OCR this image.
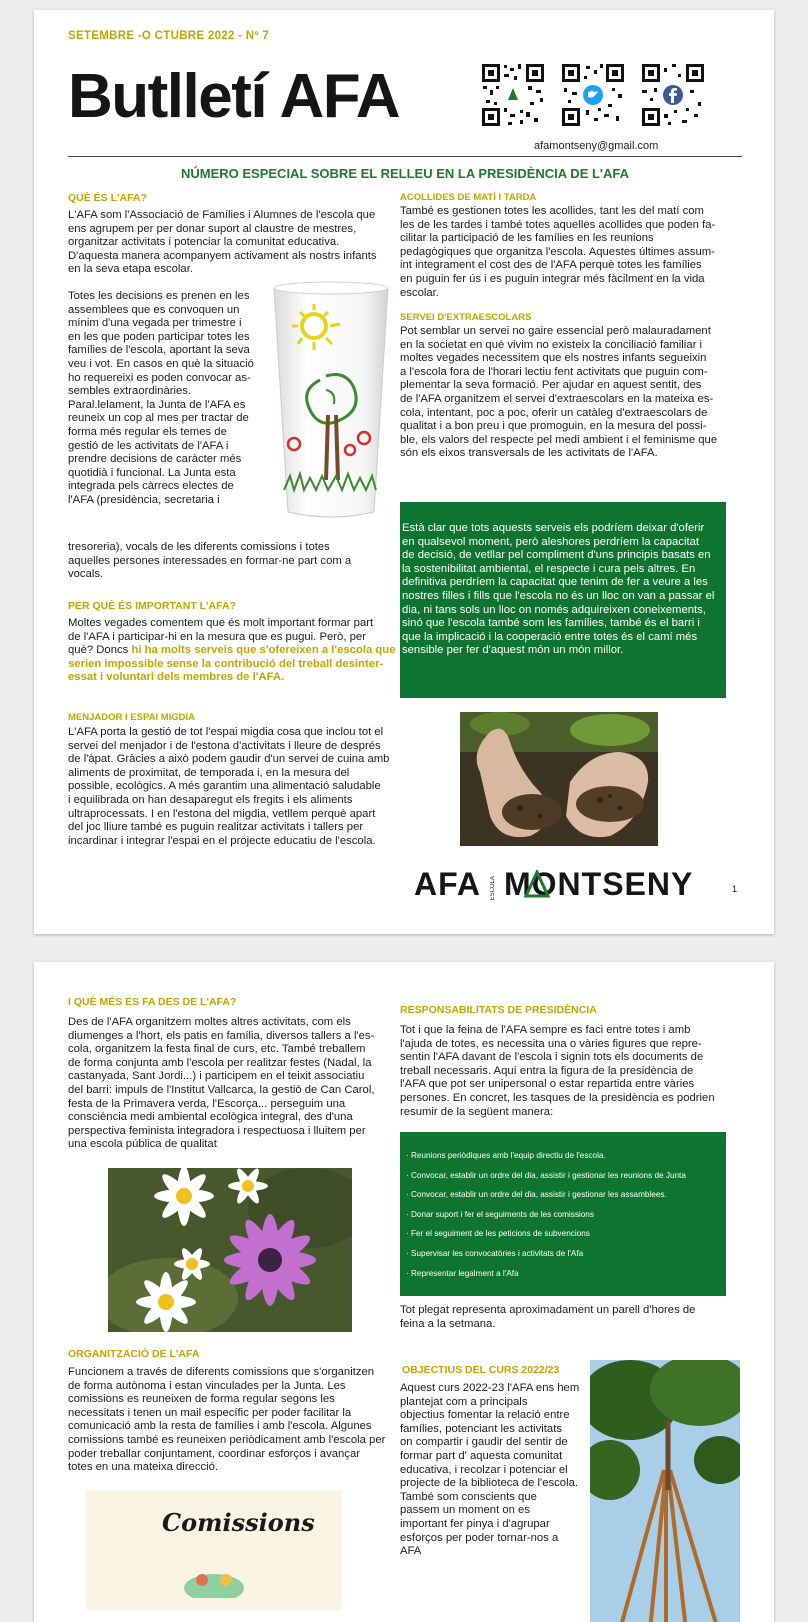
SETEMBRE -O CTUBRE 2022 - Nº 7
Butlletí AFA
afamontseny@gmail.com
NÚMERO ESPECIAL SOBRE EL RELLEU EN LA PRESIDÈNCIA DE L'AFA
QUÈ ÉS L'AFA?

L'AFA som l'Associació de Famílies i Alumnes de l'escola que

ens agrupem per per donar suport al claustre de mestres,

organitzar activitats i potenciar la comunitat educativa.

D'aquesta manera acompanyem activament als nostrs infants

en la seva etapa escolar.

Totes les decisions es prenen en les

assemblees que es convoquen un

mínim d'una vegada per trimestre i

en les que poden participar totes les

famílies de l'escola, aportant la seva

veu i vot. En casos en què la situació

ho requereixi es poden convocar as-

sembles extraordinàries.

Paral.lelament, la Junta de l'AFA es

reuneix un cop al mes per tractar de

forma més regular els temes de

gestió de les activitats de l'AFA i

prendre decisions de caràcter més

quotidià i funcional. La Junta esta

integrada pels càrrecs electes de

l'AFA (presidència, secretaria i

tresoreria), vocals de les diferents comissions i totes

aquelles persones interessades en formar-ne part com a

vocals.

PER QUÈ ÉS IMPORTANT L'AFA?

Moltes vegades comentem que és molt important formar part

de l'AFA i participar-hi en la mesura que es pugui. Però, per

què? Doncs hi ha molts serveis que s'ofereixen a l'escola que

serien impossible sense la contribució del treball desinter-

essat i voluntari dels membres de l'AFA.

MENJADOR I ESPAI MIGDIA

L'AFA porta la gestió de tot l'espai migdia cosa que inclou tot el

servei del menjador i de l'estona d'activitats i lleure de després

de l'àpat. Gràcies a això podem gaudir d'un servei de cuina amb

aliments de proximitat, de temporada i, en la mesura del

possible, ecològics. A més garantim una alimentació saludable

i equilibrada on han desaparegut els fregits i els aliments

ultraprocessats. I en l'estona del migdia, vetllem perquè apart

del joc lliure també es puguin realitzar activitats i tallers per

incardinar i integrar l'espai en el projecte educatiu de l'escola.

ACOLLIDES DE MATÍ I TARDA

També es gestionen totes les acollides, tant les del matí com

les de les tardes i també totes aquelles acollides que poden fa-

cilitar la participació de les famílies en les reunions

pedagògiques que organitza l'escola. Aquestes últimes assum-

int integrament el cost des de l'AFA perquè totes les famílies

en puguin fer ús i es puguin integrar més fàcilment en la vida

escolar.

SERVEI D'EXTRAESCOLARS

Pot semblar un servei no gaire essencial però malauradament

en la societat en què vivim no existeix la conciliació familiar i

moltes vegades necessitem que els nostres infants segueixin

a l'escola fora de l'horari lectiu fent activitats que puguin com-

plementar la seva formació. Per ajudar en aquest sentit, des

de l'AFA organitzem el servei d'extraescolars en la mateixa es-

cola, intentant, poc a poc, oferir un catàleg d'extraescolars de

qualitat i a bon preu i que promoguin, en la mesura del possi-

ble, els valors del respecte pel medi ambient i el feminisme que

són els eixos transversals de les activitats de l'AFA.

Està clar que tots aquests serveis els podríem deixar d'oferir

en qualsevol moment, però aleshores perdríem la capacitat

de decisió, de vetllar pel compliment d'uns principis basats en

la sostenibilitat ambiental, el respecte i cura pels altres. En

definitiva perdríem la capacitat que tenim de fer a veure a les

nostres filles i fills que l'escola no és un lloc on van a passar el

dia, ni tans sols un lloc on només adquireixen coneixements,

sinó que l'escola també som les famílies, també és el barri i

que la implicació i la cooperació entre totes és el camí més

sensible per fer d'aquest món un món millor.

AFA ESCOLA MONTSENY	1
I QUÈ MÉS ES FA DES DE L'AFA?

Des de l'AFA organitzem moltes altres activitats, com els

diumenges a l'hort, els patis en família, diversos tallers a l'es-

cola, organitzem la festa final de curs, etc. També treballem

de forma conjunta amb l'escola per realitzar festes (Nadal, la

castanyada, Sant Jordi...) i participem en el teixit associatiu

del barri: impuls de l'Institut Vallcarca, la gestió de Can Carol,

festa de la Primavera verda, l'Escorça... perseguim una

consciència medi ambiental ecològica integral, des d'una

perspectiva feminista integradora i respectuosa i lluitem per

una escola pública de qualitat

ORGANITZACIÓ DE L'AFA

Funcionem a través de diferents comissions que s'organitzen

de forma autònoma i estan vinculades per la Junta. Les

comissions es reuneixen de forma regular segons les

necessitats i tenen un mail específic per poder facilitar la

comunicació amb la resta de famílies i amb l'escola. Algunes

comissions també es reuneixen periòdicament amb l'escola per

poder treballar conjuntament, coordinar esforços i avançar

totes en una mateixa direcció.

Comissions
RESPONSABILITATS DE PRESIDÈNCIA

Tot i que la feina de l'AFA sempre es faci entre totes i amb

l'ajuda de totes, es necessita una o vàries figures que repre-

sentin l'AFA davant de l'escola i signin tots els documents de

treball necessaris. Aquí entra la figura de la presidència de

l'AFA que pot ser unipersonal o estar repartida entre vàries

persones. En concret, les tasques de la presidència es podrien

resumir de la següent manera:

· Reunions periòdiques amb l'equip directiu de l'escola.
· Convocar, establir un ordre del dia, assistir i gestionar les reunions de Junta
· Convocar, establir un ordre del dia, assistir i gestionar les assamblees.
· Donar suport i fer el seguiments de les comissions
· Fer el seguiment de les peticions de subvencions
· Supervisar les convocatòries i activitats de l'Afa
· Representar legalment a l'Afa

Tot plegat representa aproximadament un parell d'hores de

feina a la setmana.

OBJECTIUS DEL CURS 2022/23

Aquest curs 2022-23 l'AFA ens hem

plantejat com a principals

objectius fomentar la relació entre

famílies, potenciant les activitats

on compartir i gaudir del sentir de

formar part d' aquesta comunitat

educativa, i recolzar i potenciar el

projecte de la biblioteca de l'escola.

També som conscients que

passem un moment on es

important fer pinya i d'agrupar

esforços per poder tornar-nos a

AFA
